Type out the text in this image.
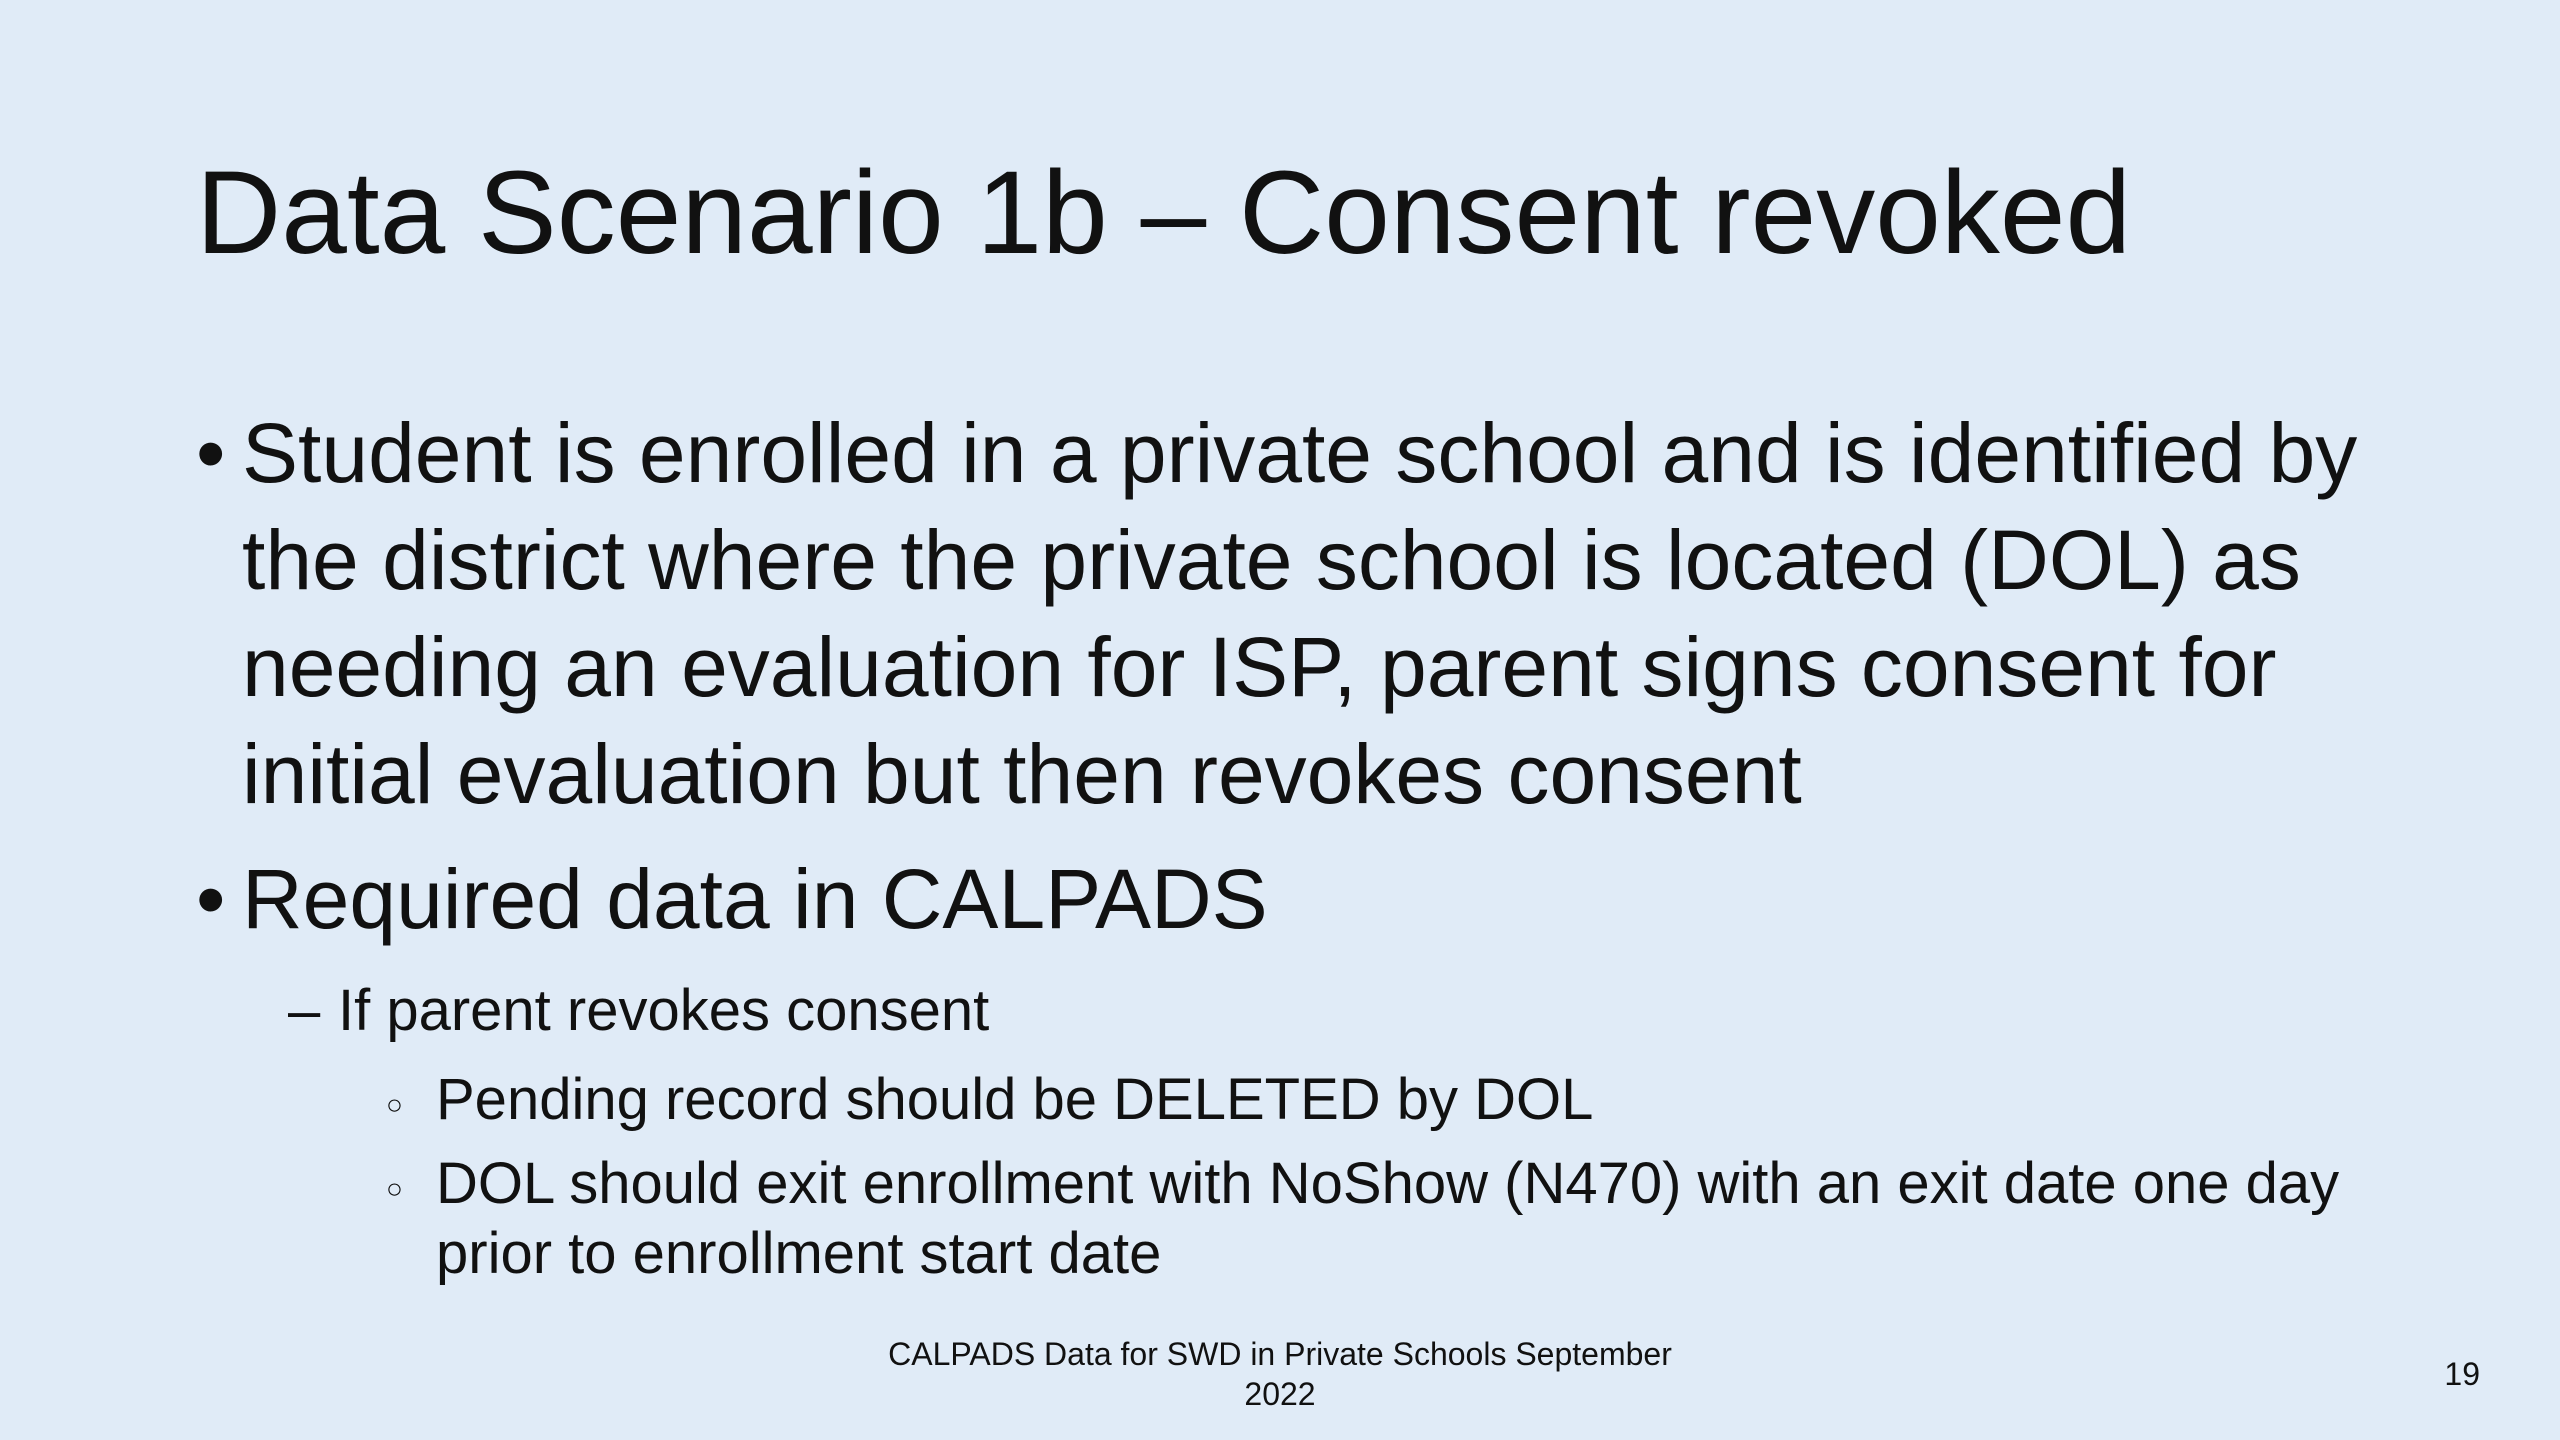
Data Scenario 1b – Consent revoked
• Student is enrolled in a private school and is identified by the district where the private school is located (DOL) as needing an evaluation for ISP, parent signs consent for initial evaluation but then revokes consent
• Required data in CALPADS
– If parent revokes consent
○ Pending record should be DELETED by DOL
○ DOL should exit enrollment with NoShow (N470) with an exit date one day prior to enrollment start date
CALPADS Data for SWD in Private Schools September 2022
19
